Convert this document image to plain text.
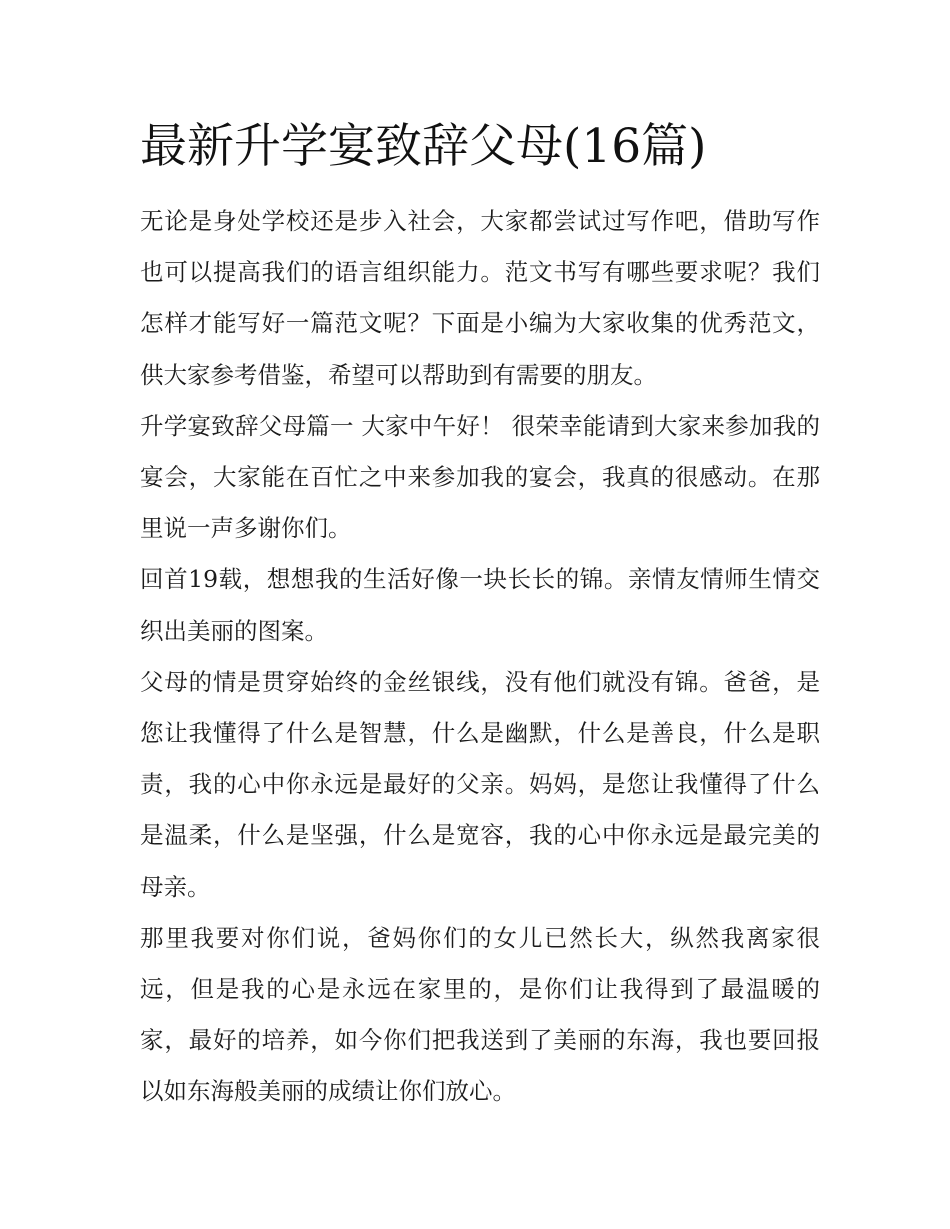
最新升学宴致辞父母(16篇)

无论是身处学校还是步入社会，大家都尝试过写作吧，借助写作也可以提高我们的语言组织能力。范文书写有哪些要求呢？我们怎样才能写好一篇范文呢？下面是小编为大家收集的优秀范文，供大家参考借鉴，希望可以帮助到有需要的朋友。

升学宴致辞父母篇一 大家中午好！ 很荣幸能请到大家来参加我的宴会，大家能在百忙之中来参加我的宴会，我真的很感动。在那里说一声多谢你们。

回首19载，想想我的生活好像一块长长的锦。亲情友情师生情交织出美丽的图案。

父母的情是贯穿始终的金丝银线，没有他们就没有锦。爸爸，是您让我懂得了什么是智慧，什么是幽默，什么是善良，什么是职责，我的心中你永远是最好的父亲。妈妈，是您让我懂得了什么是温柔，什么是坚强，什么是宽容，我的心中你永远是最完美的母亲。

那里我要对你们说，爸妈你们的女儿已然长大，纵然我离家很远，但是我的心是永远在家里的，是你们让我得到了最温暖的家，最好的培养，如今你们把我送到了美丽的东海，我也要回报以如东海般美丽的成绩让你们放心。
